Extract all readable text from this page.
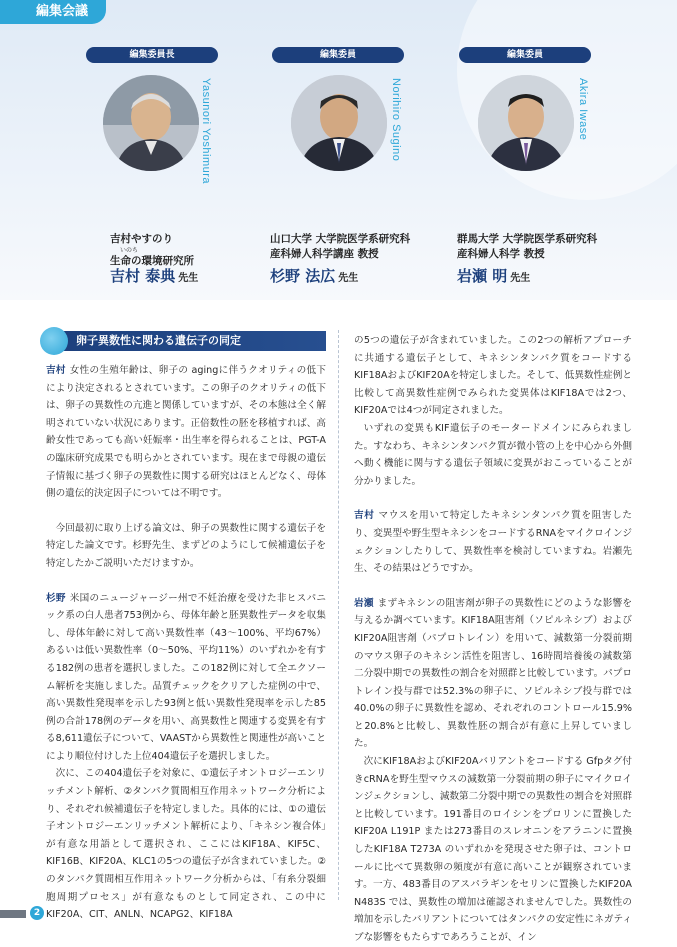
編集会議
編集委員長
Yasunori Yoshimura
吉村やすのり
いのち
生命の環境研究所
吉村 泰典 先生
編集委員
Norihiro Sugino
山口大学 大学院医学系研究科
産科婦人科学講座 教授
杉野 法広 先生
編集委員
Akira Iwase
群馬大学 大学院医学系研究科
産科婦人科学 教授
岩瀬 明 先生
卵子異数性に関わる遺伝子の同定

吉村 女性の生殖年齢は、卵子の agingに伴うクオリティの低下により決定されるとされています。この卵子のクオリティの低下は、卵子の異数性の亢進と関係していますが、その本態は全く解明されていない状況にあります。正倍数性の胚を移植すれば、高齢女性であっても高い妊娠率・出生率を得られることは、PGT-Aの臨床研究成果でも明らかとされています。現在まで母親の遺伝子情報に基づく卵子の異数性に関する研究はほとんどなく、母体側の遺伝的決定因子については不明です。

今回最初に取り上げる論文は、卵子の異数性に関する遺伝子を特定した論文です。杉野先生、まずどのようにして候補遺伝子を特定したかご説明いただけますか。

杉野 米国のニュージャージー州で不妊治療を受けた非ヒスパニック系の白人患者753例から、母体年齢と胚異数性データを収集し、母体年齢に対して高い異数性率（43～100%、平均67%）あるいは低い異数性率（0～50%、平均11%）のいずれかを有する182例の患者を選択しました。この182例に対して全エクソーム解析を実施しました。品質チェックをクリアした症例の中で、高い異数性発現率を示した93例と低い異数性発現率を示した85例の合計178例のデータを用い、高異数性と関連する変異を有する8,611遺伝子について、VAASTから異数性と関連性が高いことにより順位付けした上位404遺伝子を選択しました。

次に、この404遺伝子を対象に、①遺伝子オントロジーエンリッチメント解析、②タンパク質間相互作用ネットワーク分析により、それぞれ候補遺伝子を特定しました。具体的には、①の遺伝子オントロジーエンリッチメント解析により、「キネシン複合体」が有意な用語として選択され、ここにはKIF18A、KIF5C、KIF16B、KIF20A、KLC1の5つの遺伝子が含まれていました。②のタンパク質間相互作用ネットワーク分析からは、「有糸分裂細胞周期プロセス」が有意なものとして同定され、この中にKIF20A、CIT、ANLN、NCAPG2、KIF18A

の5つの遺伝子が含まれていました。この2つの解析アプローチに共通する遺伝子として、キネシンタンパク質をコードするKIF18AおよびKIF20Aを特定しました。そして、低異数性症例と比較して高異数性症例でみられた変異体はKIF18Aでは2つ、KIF20Aでは4つが同定されました。

いずれの変異もKIF遺伝子のモータードメインにみられました。すなわち、キネシンタンパク質が微小管の上を中心から外側へ動く機能に関与する遺伝子領域に変異がおこっていることが分かりました。

吉村 マウスを用いて特定したキネシンタンパク質を阻害したり、変異型や野生型キネシンをコードするRNAをマイクロインジェクションしたりして、異数性率を検討していますね。岩瀬先生、その結果はどうですか。

岩瀬 まずキネシンの阻害剤が卵子の異数性にどのような影響を与えるか調べています。KIF18A阻害剤（ソピルネシブ）およびKIF20A阻害剤（パプロトレイン）を用いて、減数第一分裂前期のマウス卵子のキネシン活性を阻害し、16時間培養後の減数第二分裂中期での異数性の割合を対照群と比較しています。パプロトレイン投与群では52.3%の卵子に、ソピルネシブ投与群では40.0%の卵子に異数性を認め、それぞれのコントロール15.9%と20.8%と比較し、異数性胚の割合が有意に上昇していました。

次にKIF18AおよびKIF20Aバリアントをコードする Gfpタグ付きcRNAを野生型マウスの減数第一分裂前期の卵子にマイクロインジェクションし、減数第二分裂中期での異数性の割合を対照群と比較しています。191番目のロイシンをプロリンに置換したKIF20A L191P または273番目のスレオニンをアラニンに置換したKIF18A T273A のいずれかを発現させた卵子は、コントロールに比べて異数卵の頻度が有意に高いことが観察されています。一方、483番目のアスパラギンをセリンに置換したKIF20A N483S では、異数性の増加は確認されませんでした。異数性の増加を示したバリアントについてはタンパクの安定性にネガティブな影響をもたらすであろうことが、イン

2
